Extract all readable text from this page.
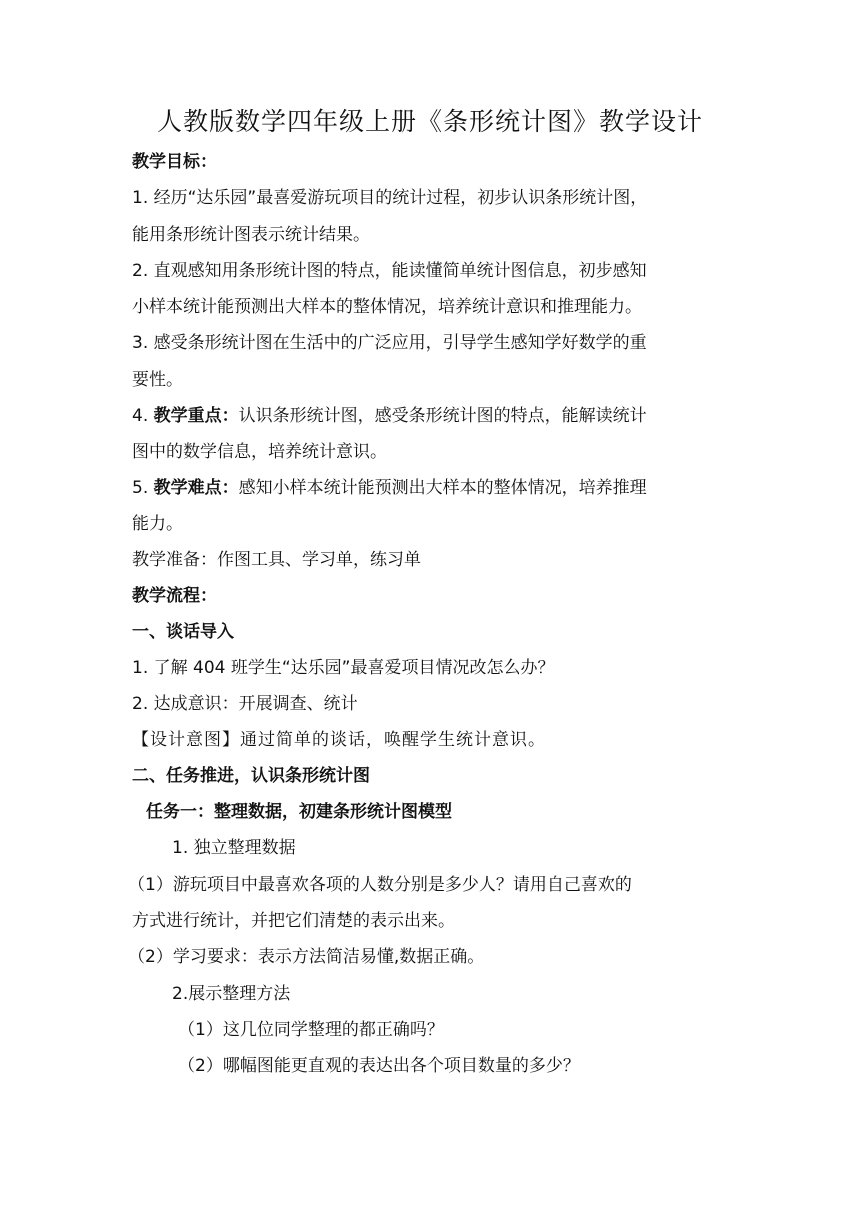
人教版数学四年级上册《条形统计图》教学设计
教学目标：
1. 经历“达乐园”最喜爱游玩项目的统计过程，初步认识条形统计图，
能用条形统计图表示统计结果。
2. 直观感知用条形统计图的特点，能读懂简单统计图信息，初步感知
小样本统计能预测出大样本的整体情况，培养统计意识和推理能力。
3. 感受条形统计图在生活中的广泛应用，引导学生感知学好数学的重
要性。
4. 教学重点：认识条形统计图，感受条形统计图的特点，能解读统计
图中的数学信息，培养统计意识。
5. 教学难点：感知小样本统计能预测出大样本的整体情况，培养推理
能力。
教学准备：作图工具、学习单，练习单
教学流程：
一、谈话导入
1. 了解 404 班学生“达乐园”最喜爱项目情况改怎么办？
2. 达成意识：开展调查、统计
【设计意图】通过简单的谈话，唤醒学生统计意识。
二、任务推进，认识条形统计图
任务一：整理数据，初建条形统计图模型
1. 独立整理数据
（1）游玩项目中最喜欢各项的人数分别是多少人？请用自己喜欢的
方式进行统计，并把它们清楚的表示出来。
（2）学习要求：表示方法简洁易懂,数据正确。
2.展示整理方法
（1）这几位同学整理的都正确吗？
（2）哪幅图能更直观的表达出各个项目数量的多少？
